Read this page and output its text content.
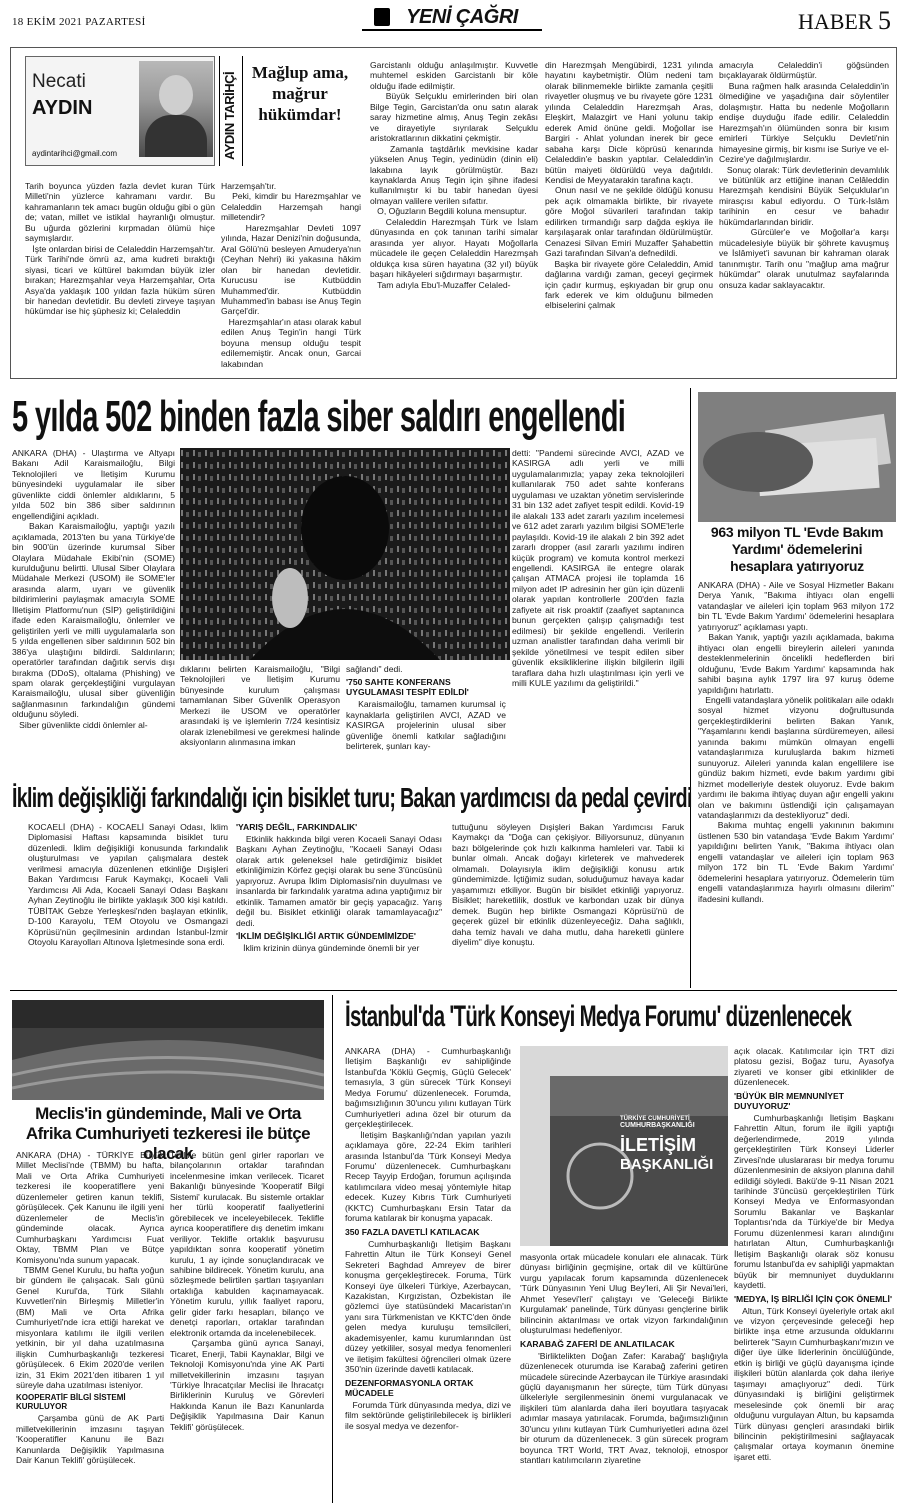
18 EKİM 2021 PAZARTESİ	YENİ ÇAĞRI	HABER 5
Necati
AYDIN
aydintarihci@gmail.com	AYDIN TARİHÇİ Mağlup ama, mağrur hükümdar!
Tarih boyunca yüzden fazla devlet kuran Türk Milleti'nin yüzlerce kahramanı vardır. Bu kahramanların tek amacı bugün olduğu gibi o gün de; vatan, millet ve istiklal  hayranlığı olmuştur. Bu uğurda gözlerini kırpmadan ölümü hiçe saymışlardır.
İşte onlardan birisi de Celaleddin Harzemşah'tır. Türk Tarihi'nde ömrü az, ama kudreti bıraktığı siyasi, ticari ve kültürel bakımdan büyük izler bırakan; Harezmşahlar veya Harzemşahlar, Orta Asya'da yaklaşık 100 yıldan fazla hüküm süren bir hanedan devletidir. Bu devleti zirveye taşıyan hükümdar ise hiç şüphesiz ki; Celaleddin
Harzemşah'tır.
Peki, kimdir bu Harezmşahlar ve Celaleddin Harzemşah hangi milletendir?
Harezmşahlar Devleti 1097 yılında, Hazar Denizi'nin doğusunda, Aral Gölü'nü besleyen Amuderya'nın (Ceyhan Nehri) iki yakasına hâkim olan bir hanedan devletidir. Kurucusu ise Kutbüddin Muhammed'dir. Kutbüddin Muhammed'in babası ise Anuş Tegin Garçel'dir.
Harezmşahlar'ın atası olarak kabul edilen Anuş Tegin'in hangi Türk boyuna mensup olduğu tespit edilememiştir. Ancak onun, Garcai lakabından
Garcistanlı olduğu anlaşılmıştır. Kuvvetle muhtemel eskiden Garcistanlı bir köle olduğu ifade edilmiştir.
Büyük Selçuklu emirlerinden biri olan Bilge Tegin, Garcistan'da onu satın alarak saray hizmetine almış, Anuş Tegin zekâsı ve dirayetiyle sıyrılarak Selçuklu aristokratlarının dikkatini çekmiştir.
Zamanla taştdârlık mevkisine kadar yükselen Anuş Tegin, yedinüdin (dinin eli) lakabına layık görülmüştür. Bazı kaynaklarda Anuş Tegin için şihne ifadesi kullanılmıştır ki bu tabir hanedan üyesi olmayan valilere verilen sıfattır.
O, Oğuzların Begdili koluna mensuptur.
Celaleddin Harezmşah Türk ve İslam dünyasında en çok tanınan tarihi simalar arasında yer alıyor. Hayatı Moğollarla mücadele ile geçen Celaleddin Harezmşah oldukça kısa süren hayatına (32 yıl) büyük başarı hikâyeleri sığdırmayı başarmıştır.
Tam adıyla Ebu'l-Muzaffer Celaled-
din Harezmşah Mengübirdi, 1231 yılında hayatını kaybetmiştir. Ölüm nedeni tam olarak bilinmemekle birlikte zamanla çeşitli rivayetler oluşmuş ve bu rivayete göre 1231 yılında Celaleddin Harezmşah Aras, Eleşkirt, Malazgirt ve Hani yolunu takip ederek Amid önüne geldi. Moğollar ise Bargiri - Ahlat yolundan inerek bir gece sabaha karşı Dicle köprüsü kenarında Celaleddin'e baskın yaptılar. Celaleddin'in bütün maiyeti öldürüldü veya dağıtıldı. Kendisi de Meyyatarakin tarafına kaçtı.
Onun nasıl ve ne şekilde öldüğü konusu pek açık olmamakla birlikte, bir rivayete göre Moğol süvarileri tarafından takip edilirken tırmandığı sarp dağda eşkiya ile karşılaşarak onlar tarafından öldürülmüştür. Cenazesi Silvan Emiri Muzaffer Şahabettin Gazi tarafından Silvan'a defnedildi.
Başka bir rivayete göre Celaleddin, Amid dağlarına vardığı zaman, geceyi geçirmek için çadır kurmuş, eşkıyadan bir grup onu fark ederek ve kim olduğunu bilmeden elbiselerini çalmak
amacıyla Celaleddin'i göğsünden bıçaklayarak öldürmüştür.
Buna rağmen halk arasında Celaleddin'in ölmediğine ve yaşadığına dair söylentiler dolaşmıştır. Hatta bu nedenle Moğolların endişe duyduğu ifade edilir. Celaleddin Harezmşah'ın ölümünden sonra bir kısım emirleri Türkiye Selçuklu Devleti'nin himayesine girmiş, bir kısmı ise Suriye ve el-Cezire'ye dağılmışlardır.
Sonuç olarak: Türk devletlerinin devamlılık ve bütünlük arz ettiğine inanan Celâleddin Harezmşah kendisini Büyük Selçuklular'ın mirasçısı kabul ediyordu. O Türk-İslâm tarihinin en cesur ve bahadır hükümdarlarından biridir.
Gürcüler'e ve Moğollar'a karşı mücadelesiyle büyük bir şöhrete kavuşmuş ve İslâmiyet'i savunan bir kahraman olarak tanınmıştır. Tarih onu "mağlup ama mağrur hükümdar" olarak unutulmaz sayfalarında onsuza kadar saklayacaktır.
5 yılda 502 binden fazla siber saldırı engellendi
ANKARA (DHA) - Ulaştırma ve Altyapı Bakanı Adil Karaismailoğlu, Bilgi Teknolojileri ve İletişim Kurumu bünyesindeki uygulamalar ile siber güvenlikte ciddi önlemler aldıklarını, 5 yılda 502 bin 386 siber saldırının engellendiğini açıkladı.
Bakan Karaismailoğlu, yaptığı yazılı açıklamada, 2013'ten bu yana Türkiye'de bin 900'ün üzerinde kurumsal Siber Olaylara Müdahale Ekibi'nin (SOME) kurulduğunu belirtti. Ulusal Siber Olaylara Müdahale Merkezi (USOM) ile SOME'ler arasında alarm, uyarı ve güvenlik bildirimlerini paylaşmak amacıyla SOME İlletişim Platformu'nun (SİP) geliştirildiğini ifade eden Karaismailoğlu, önlemler ve geliştirilen yerli ve milli uygulamalarla son 5 yılda engellenen siber saldırının 502 bin 386'ya ulaştığını bildirdi. Saldırıların; operatörler tarafından dağıtık servis dışı bırakma (DDoS), oltalama (Phishing) ve spam olarak gerçekleştiğini vurgulayan Karaismailoğlu, ulusal siber güvenliğin sağlanmasının farkındalığın gündemi olduğunu söyledi.
Siber güvenlikte ciddi önlemler al-
dıklarını belirten Karaismailoğlu, "Bilgi Teknolojileri ve İletişim Kurumu bünyesinde kurulum çalışması tamamlanan Siber Güvenlik Operasyon Merkezi ile USOM ve operatörler arasındaki iş ve işlemlerin 7/24 kesintisiz olarak izlenebilmesi ve gerekmesi halinde aksiyonların alınmasına imkan
sağlandı" dedi.
'750 SAHTE KONFERANS UYGULAMASI TESPİT EDİLDİ'
Karaismailoğlu, tamamen kurumsal iç kaynaklarla geliştirilen AVCI, AZAD ve KASIRGA projelerinin ulusal siber güvenliğe önemli katkılar sağladığını belirterek, şunları kay-
detti: "Pandemi sürecinde AVCI, AZAD ve KASIRGA adlı yerli ve milli uygulamalarımızla; yapay zeka teknolojileri kullanılarak 750 adet sahte konferans uygulaması ve uzaktan yönetim servislerinde 31 bin 132 adet zafiyet tespit edildi. Kovid-19 ile alakalı 133 adet zararlı yazılım incelemesi ve 612 adet zararlı yazılım bilgisi SOME'lerle paylaşıldı. Kovid-19 ile alakalı 2 bin 392 adet zararlı dropper (asıl zararlı yazılımı indiren küçük program) ve komuta kontrol merkezi engellendi. KASIRGA ile entegre olarak çalışan ATMACA projesi ile toplamda 16 milyon adet IP adresinin her gün için düzenli olarak yapılan kontrollerle 200'den fazla zafiyete ait risk proaktif (zaafiyet saptanınca bunun gerçekten çalışıp çalışmadığı test edilmesi) bir şekilde engellendi. Verilerin uzman analistler tarafından daha verimli bir şekilde yönetilmesi ve tespit edilen siber güvenlik eksikliklerine ilişkin bilgilerin ilgili taraflara daha hızlı ulaştırılması için yerli ve milli KULE yazılımı da geliştirildi."
963 milyon TL 'Evde Bakım Yardımı' ödemelerini hesaplara yatırıyoruz
ANKARA (DHA) - Aile ve Sosyal Hizmetler Bakanı Derya Yanık, "Bakıma ihtiyacı olan engelli vatandaşlar ve aileleri için toplam 963 milyon 172 bin TL 'Evde Bakım Yardımı' ödemelerini hesaplara yatırıyoruz" açıklaması yaptı.
Bakan Yanık, yaptığı yazılı açıklamada, bakıma ihtiyacı olan engelli bireylerin aileleri yanında desteklenmelerinin öncelikli hedeflerden biri olduğunu, 'Evde Bakım Yardımı' kapsamında hak sahibi başına aylık 1797 lira 97 kuruş ödeme yapıldığını hatırlattı.
Engelli vatandaşlara yönelik politikaları aile odaklı sosyal hizmet vizyonu doğrultusunda gerçekleştirdiklerini belirten Bakan Yanık, "Yaşamlarını kendi başlarına sürdüremeyen, ailesi yanında bakımı mümkün olmayan engelli vatandaşlarımıza kuruluşlarda bakım hizmeti sunuyoruz. Aileleri yanında kalan engellilere ise gündüz bakım hizmeti, evde bakım yardımı gibi hizmet modelleriyle destek oluyoruz. Evde bakım yardımı ile bakıma ihtiyaç duyan ağır engelli yakını olan ve bakımını üstlendiği için çalışamayan vatandaşlarımızı da destekliyoruz" dedi.
Bakıma muhtaç engelli yakınının bakımını üstlenen 530 bin vatandaşa 'Evde Bakım Yardımı' yapıldığını belirten Yanık, "Bakıma ihtiyacı olan engelli vatandaşlar ve aileleri için toplam 963 milyon 172 bin TL 'Evde Bakım Yardımı' ödemelerini hesaplara yatırıyoruz. Ödemelerin tüm engelli vatandaşlarımıza hayırlı olmasını dilerim" ifadesini kullandı.
İklim değişikliği farkındalığı için bisiklet turu; Bakan yardımcısı da pedal çevirdi
KOCAELİ (DHA) - KOCAELİ Sanayi Odası, İklim Diplomasisi Haftası kapsamında bisiklet turu düzenledi. İklim değişikliği konusunda farkındalık oluşturulması ve yapılan çalışmalara destek verilmesi amacıyla düzenlenen etkinliğe Dışişleri Bakan Yardımcısı Faruk Kaymakçı, Kocaeli Vali Yardımcısı Ali Ada, Kocaeli Sanayi Odası Başkanı Ayhan Zeytinoğlu ile birlikte yaklaşık 300 kişi katıldı. TÜBİTAK Gebze Yerleşkesi'nden başlayan etkinlik, D-100 Karayolu, TEM Otoyolu ve Osmangazi Köprüsü'nün geçilmesinin ardından İstanbul-İzmir Otoyolu Karayolları Altınova İşletmesinde sona erdi.
'YARIŞ DEĞİL, FARKINDALIK'
Etkinlik hakkında bilgi veren Kocaeli Sanayi Odası Başkanı Ayhan Zeytinoğlu, "Kocaeli Sanayi Odası olarak artık geleneksel hale getirdiğimiz bisiklet etkinliğimizin Körfez geçişi olarak bu sene 3'üncüsünü yapıyoruz. Avrupa İklim Diplomasisi'nin duyulması ve insanlarda bir farkındalık yaratma adına yaptığımız bir etkinlik. Tamamen amatör bir geçiş yapacağız. Yarış değil bu. Bisiklet etkinliği olarak tamamlayacağız" dedi.
'İKLİM DEĞİŞİKLİĞİ ARTIK GÜNDEMİMİZDE'
İklim krizinin dünya gündeminde önemli bir yer
tuttuğunu söyleyen Dışişleri Bakan Yardımcısı Faruk Kaymakçı da "Doğa can çekişiyor. Biliyorsunuz, dünyanın bazı bölgelerinde çok hızlı kalkınma hamleleri var. Tabii ki bunlar olmalı. Ancak doğayı kirleterek ve mahvederek olmamalı. Dolayısıyla iklim değişikliği konusu artık gündemimizde. İçtiğimiz sudan, soluduğumuz havaya kadar yaşamımızı etkiliyor. Bugün bir bisiklet etkinliği yapıyoruz. Bisiklet; hareketlilik, dostluk ve karbondan uzak bir dünya demek. Bugün hep birlikte Osmangazi Köprüsü'nü de geçerek güzel bir etkinlik düzenleyeceğiz. Daha sağlıklı, daha temiz havalı ve daha mutlu, daha hareketli günlere diyelim" diye konuştu.
Meclis'in gündeminde, Mali ve Orta Afrika Cumhuriyeti tezkeresi ile bütçe olacak
ANKARA (DHA) - TÜRKİYE Büyük Millet Meclisi'nde (TBMM) bu hafta, Mali ve Orta Afrika Cumhuriyeti tezkeresi ile kooperatiflere yeni düzenlemeler getiren kanun teklifi, görüşülecek. Çek Kanunu ile ilgili yeni düzenlemeler de Meclis'in gündeminde olacak. Ayrıca Cumhurbaşkanı Yardımcısı Fuat Oktay, TBMM Plan ve Bütçe Komisyonu'nda sunum yapacak.
TBMM Genel Kurulu, bu hafta yoğun bir gündem ile çalışacak. Salı günü Genel Kurul'da, Türk Silahlı Kuvvetleri'nin Birleşmiş Milletler'in (BM) Mali ve Orta Afrika Cumhuriyeti'nde icra ettiği harekat ve misyonlara katılımı ile ilgili verilen yetkinin, bir yıl daha uzatılmasına ilişkin Cumhurbaşkanlığı tezkeresi görüşülecek. 6 Ekim 2020'de verilen izin, 31 Ekim 2021'den itibaren 1 yıl süreyle daha uzatılması isteniyor.
KOOPERATİF BİLGİ SİSTEMİ KURULUYOR
Çarşamba günü de AK Parti milletvekillerinin imzasını taşıyan 'Kooperatifler Kanunu ile Bazı Kanunlarda Değişiklik Yapılmasına Dair Kanun Teklifi' görüşülecek.
Teklifle bütün genl girler raporları ve bilançolarının ortaklar tarafından incelenmesine imkan verilecek. Ticaret Bakanlığı bünyesinde 'Kooperatif Bilgi Sistemi' kurulacak. Bu sistemle ortaklar her türlü kooperatif faaliyetlerini görebilecek ve inceleyebilecek. Teklifle ayrıca kooperatiflere dış denetim imkanı veriliyor. Teklifle ortaklık başvurusu yapıldıktan sonra kooperatif yönetim kurulu, 1 ay içinde sonuçlandıracak ve sahibine bildirecek. Yönetim kurulu, ana sözleşmede belirtilen şartları taşıyanları ortaklığa kabulden kaçınamayacak. Yönetim kurulu, yıllık faaliyet raporu, gelir gider farkı hesapları, bilanço ve denetçi raporları, ortaklar tarafından elektronik ortamda da incelenebilecek.
Çarşamba günü ayrıca Sanayi, Ticaret, Enerji, Tabii Kaynaklar, Bilgi ve Teknoloji Komisyonu'nda yine AK Parti milletvekillerinin imzasını taşıyan 'Türkiye İhracatçılar Meclisi ile İhracatçı Birliklerinin Kuruluş ve Görevleri Hakkında Kanun ile Bazı Kanunlarda Değişiklik Yapılmasına Dair Kanun Teklifi' görüşülecek.
İstanbul'da 'Türk Konseyi Medya Forumu' düzenlenecek
ANKARA (DHA) - Cumhurbaşkanlığı İletişim Başkanlığı ev sahipliğinde İstanbul'da 'Köklü Geçmiş, Güçlü Gelecek' temasıyla, 3 gün sürecek 'Türk Konseyi Medya Forumu' düzenlenecek. Forumda, bağımsızlığının 30'uncu yılını kutlayan Türk Cumhuriyetleri adına özel bir oturum da gerçekleştirilecek.
İletişim Başkanlığı'ndan yapılan yazılı açıklamaya göre, 22-24 Ekim tarihleri arasında İstanbul'da 'Türk Konseyi Medya Forumu' düzenlenecek. Cumhurbaşkanı Recep Tayyip Erdoğan, forumun açılışında katılımcılara video mesaj yöntemiyle hitap edecek. Kuzey Kıbrıs Türk Cumhuriyeti (KKTC) Cumhurbaşkanı Ersin Tatar da foruma katılarak bir konuşma yapacak.
350 FAZLA DAVETLİ KATILACAK
Cumhurbaşkanlığı İletişim Başkanı Fahrettin Altun ile Türk Konseyi Genel Sekreteri Baghdad Amreyev de birer konuşma gerçekleştirecek. Foruma, Türk Konseyi üye ülkeleri Türkiye, Azerbaycan, Kazakistan, Kırgızistan, Özbekistan ile gözlemci üye statüsündeki Macaristan'ın yanı sıra Türkmenistan ve KKTC'den önde gelen medya kuruluşu temsilcileri, akademisyenler, kamu kurumlarından üst düzey yetkililer, sosyal medya fenomenleri ve iletişim fakültesi öğrencileri olmak üzere 350'nin üzerinde davetli katılacak.
DEZENFORMASYONLA ORTAK MÜCADELE
Forumda Türk dünyasında medya, dizi ve film sektöründe geliştirilebilecek iş birlikleri ile sosyal medya ve dezenfor-
TÜRKİYE CUMHURİYETİ
CUMHURBAŞKANLIĞI
İLETİŞİM
BAŞKANLIĞI
masyonla ortak mücadele konuları ele alınacak. Türk dünyası birliğinin geçmişine, ortak dil ve kültürüne vurgu yapılacak forum kapsamında düzenlenecek 'Türk Dünyasının Yeni Ulug Bey'leri, Ali Şir Nevai'leri, Ahmet Yesevi'leri' çalıştayı ve 'Geleceği Birlikte Kurgulamak' panelinde, Türk dünyası gençlerine birlik bilincinin aktarılması ve ortak vizyon farkındalığının oluşturulması hedefleniyor.
KARABAĞ ZAFERİ DE ANLATILACAK
'Birliktelikten Doğan Zafer: Karabağ' başlığıyla düzenlenecek oturumda ise Karabağ zaferini getiren mücadele sürecinde Azerbaycan ile Türkiye arasındaki güçlü dayanışmanın her süreçte, tüm Türk dünyası ülkeleriyle sergilenmesinin önemi vurgulanacak ve ilişkileri tüm alanlarda daha ileri boyutlara taşıyacak adımlar masaya yatırılacak. Forumda, bağımsızlığının 30'uncu yılını kutlayan Türk Cumhuriyetleri adına özel bir oturum da düzenlenecek. 3 gün sürecek program boyunca TRT World, TRT Avaz, teknoloji, etnospor stantları katılımcıların ziyaretine
açık olacak. Katılımcılar için TRT dizi platosu gezisi, Boğaz turu, Ayasofya ziyareti ve konser gibi etkinlikler de düzenlenecek.
'BÜYÜK BİR MEMNUNİYET DUYUYORUZ'
Cumhurbaşkanlığı İletişim Başkanı Fahrettin Altun, forum ile ilgili yaptığı değerlendirmede, 2019 yılında gerçekleştirilen Türk Konseyi Liderler Zirvesi'nde uluslararası bir medya forumu düzenlenmesinin de aksiyon planına dahil edildiği söyledi. Bakü'de 9-11 Nisan 2021 tarihinde 3'üncüsü gerçekleştirilen Türk Konseyi Medya ve Enformasyondan Sorumlu Bakanlar ve Başkanlar Toplantısı'nda da Türkiye'de bir Medya Forumu düzenlenmesi kararı alındığını hatırlatan Altun, Cumhurbaşkanlığı İletişim Başkanlığı olarak söz konusu forumu İstanbul'da ev sahipliği yapmaktan büyük bir memnuniyet duyduklarını kaydetti.
'MEDYA, İŞ BİRLİĞİ İÇİN ÇOK ÖNEMLİ'
Altun, Türk Konseyi üyeleriyle ortak akıl ve vizyon çerçevesinde geleceği hep birlikte inşa etme arzusunda olduklarını belirterek "Sayın Cumhurbaşkanı'mızın ve diğer üye ülke liderlerinin öncülüğünde, etkin iş birliği ve güçlü dayanışma içinde ilişkileri bütün alanlarda çok daha ileriye taşımayı amaçlıyoruz" dedi. Türk dünyasındaki iş birliğini geliştirmek meselesinde çok önemli bir araç olduğunu vurgulayan Altun, bu kapsamda Türk dünyası gençleri arasındaki birlik bilincinin pekiştirilmesini sağlayacak çalışmalar ortaya koymanın önemine işaret etti.
